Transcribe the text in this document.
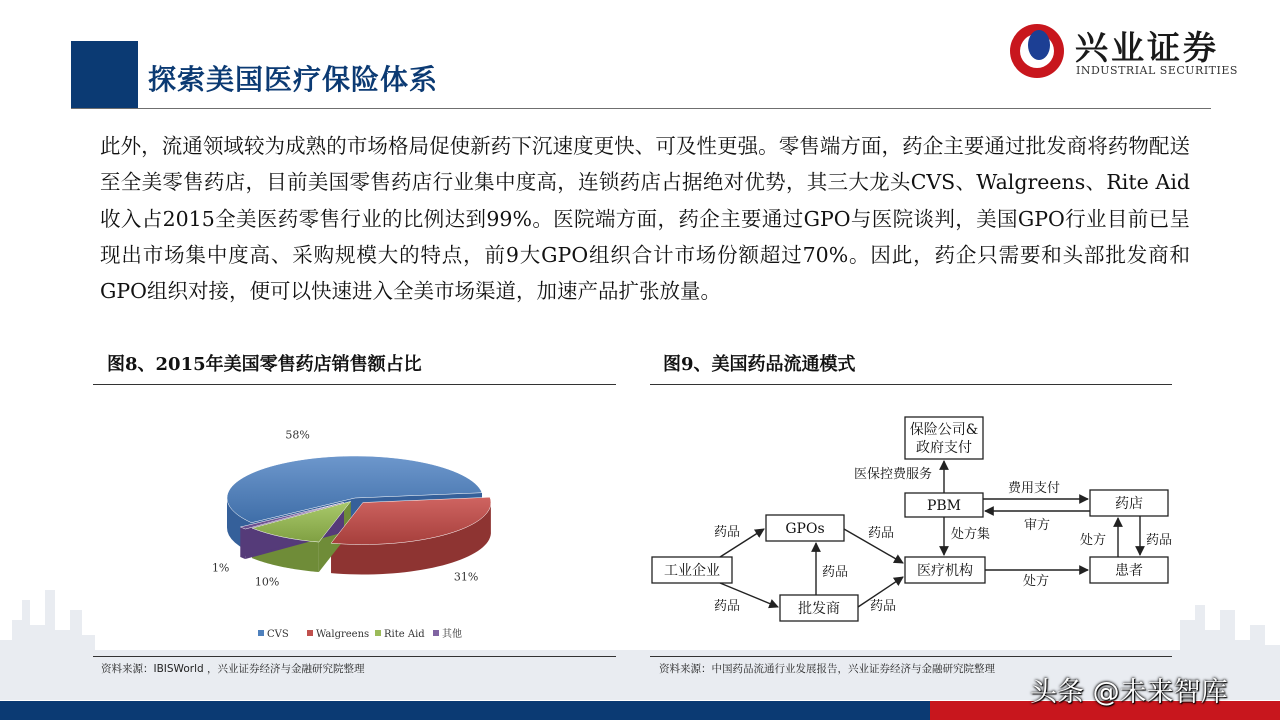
探索美国医疗保险体系
兴业证券
INDUSTRIAL SECURITIES
此外，流通领域较为成熟的市场格局促使新药下沉速度更快、可及性更强。零售端方面，药企主要通过批发商将药物配送至全美零售药店，目前美国零售药店行业集中度高，连锁药店占据绝对优势，其三大龙头CVS、Walgreens、Rite Aid收入占2015全美医药零售行业的比例达到99%。医院端方面，药企主要通过GPO与医院谈判，美国GPO行业目前已呈现出市场集中度高、采购规模大的特点，前9大GPO组织合计市场份额超过70%。因此，药企只需要和头部批发商和GPO组织对接，便可以快速进入全美市场渠道，加速产品扩张放量。
图8、2015年美国零售药店销售额占比
58%
31%
10%
1%
CVS	Walgreens Rite Aid 其他
资料来源：IBISWorld ，兴业证券经济与金融研究院整理
图9、美国药品流通模式
保险公司&
政府支付
PBM	药店
GPOs
工业企业	医疗机构	患者
批发商
医保控费服务
费用支付
审方
处方集
药品	药品
药品
药品	药品
处方
处方	药品
资料来源：中国药品流通行业发展报告，兴业证券经济与金融研究院整理
头条 @未来智库
